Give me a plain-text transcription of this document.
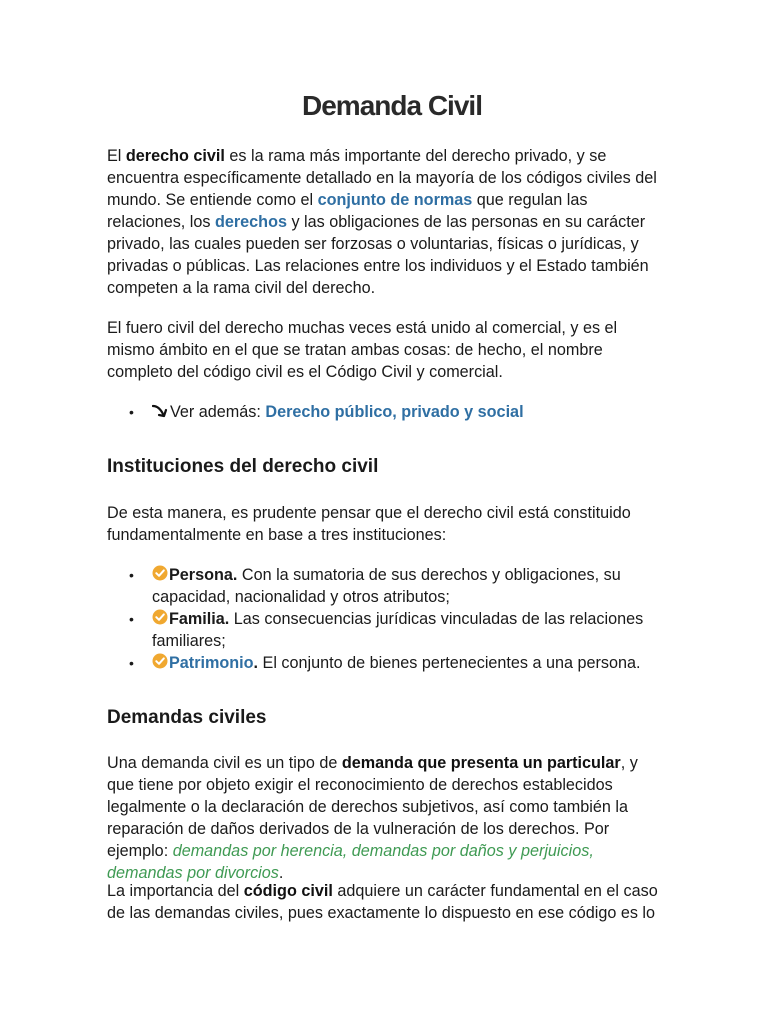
Demanda Civil

El derecho civil es la rama más importante del derecho privado, y se encuentra específicamente detallado en la mayoría de los códigos civiles del mundo. Se entiende como el conjunto de normas que regulan las relaciones, los derechos y las obligaciones de las personas en su carácter privado, las cuales pueden ser forzosas o voluntarias, físicas o jurídicas, y privadas o públicas. Las relaciones entre los individuos y el Estado también competen a la rama civil del derecho.

El fuero civil del derecho muchas veces está unido al comercial, y es el mismo ámbito en el que se tratan ambas cosas: de hecho, el nombre completo del código civil es el Código Civil y comercial.

• Ver además: Derecho público, privado y social
Instituciones del derecho civil

De esta manera, es prudente pensar que el derecho civil está constituido fundamentalmente en base a tres instituciones:

•	Persona. Con la sumatoria de sus derechos y obligaciones, su capacidad, nacionalidad y otros atributos;
•	Familia. Las consecuencias jurídicas vinculadas de las relaciones familiares;
•	Patrimonio. El conjunto de bienes pertenecientes a una persona.
Demandas civiles

Una demanda civil es un tipo de demanda que presenta un particular, y que tiene por objeto exigir el reconocimiento de derechos establecidos legalmente o la declaración de derechos subjetivos, así como también la reparación de daños derivados de la vulneración de los derechos. Por ejemplo: demandas por herencia, demandas por daños y perjuicios, demandas por divorcios.

La importancia del código civil adquiere un carácter fundamental en el caso de las demandas civiles, pues exactamente lo dispuesto en ese código es lo
